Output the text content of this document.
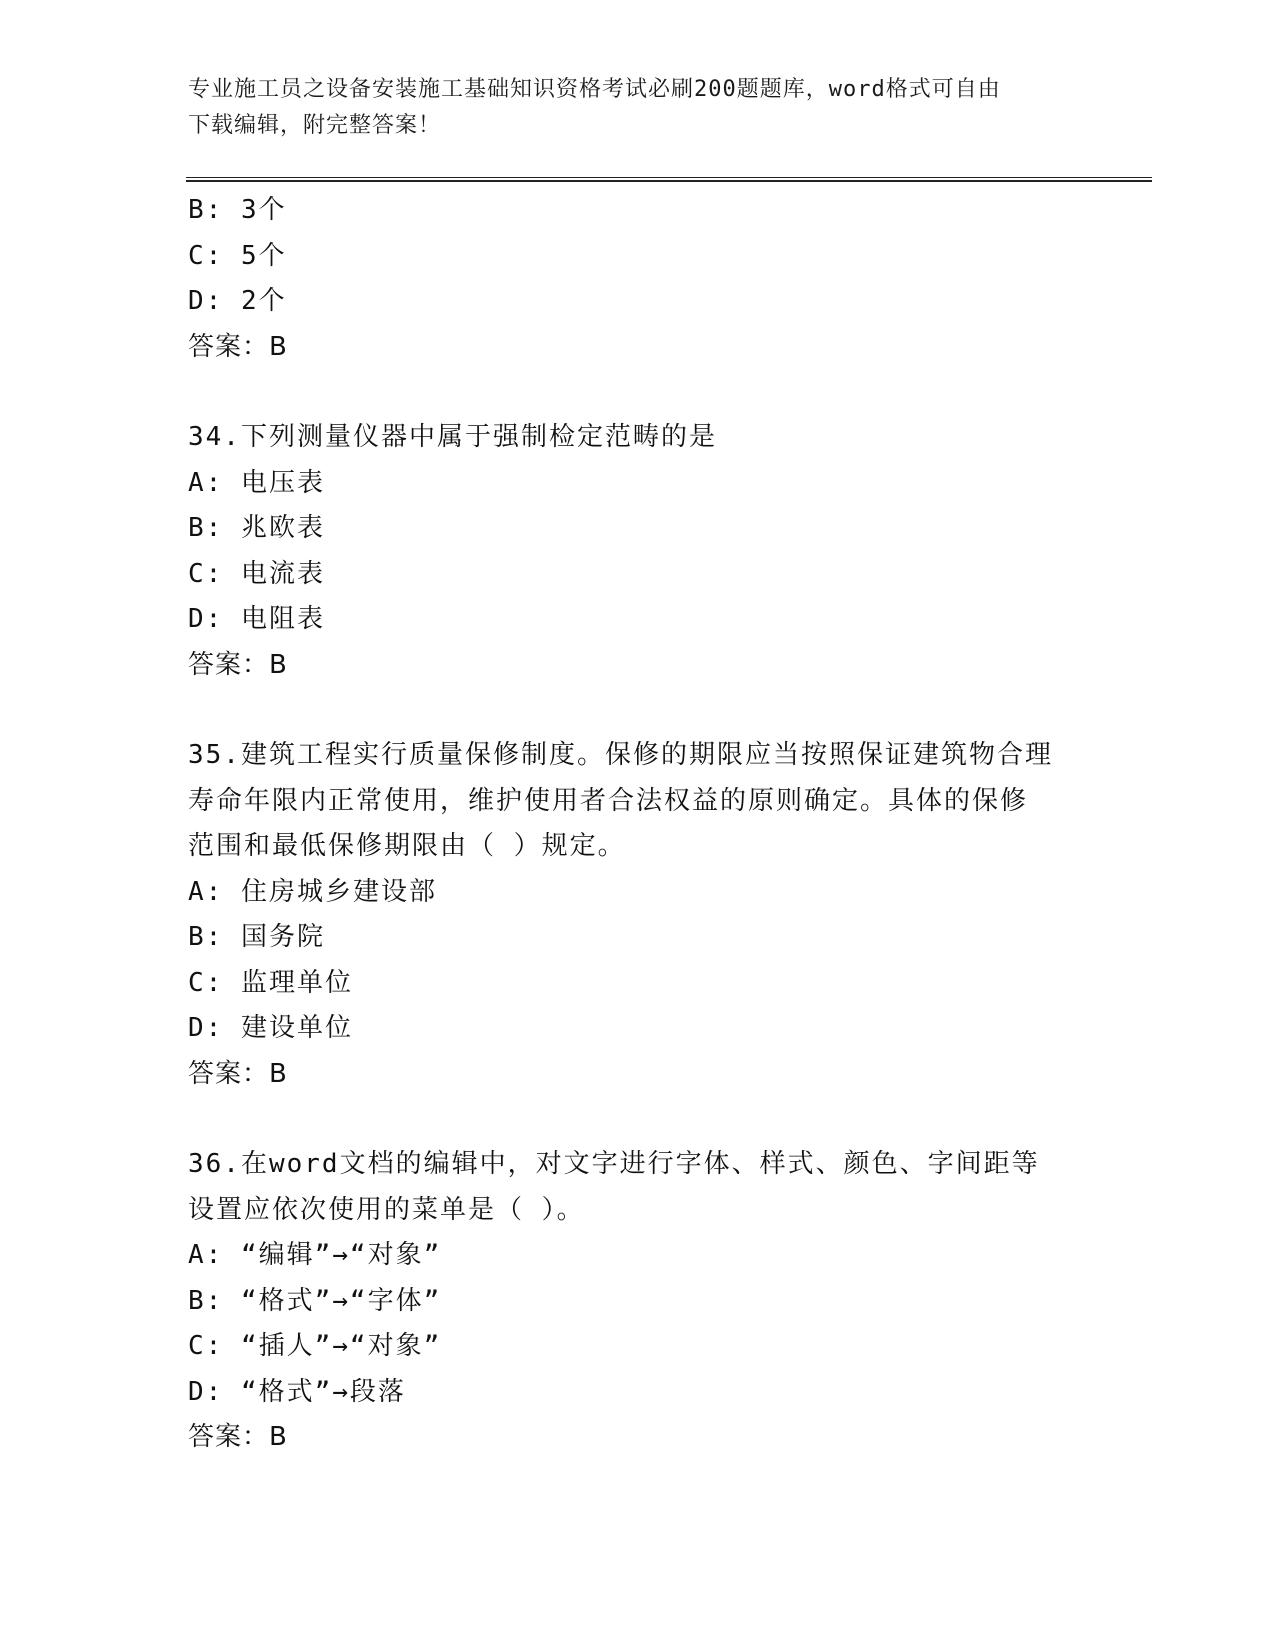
专业施工员之设备安装施工基础知识资格考试必刷200题题库，word格式可自由
下载编辑，附完整答案！
B: 3个
C: 5个
D: 2个
答案：B
34.下列测量仪器中属于强制检定范畴的是
A: 电压表
B: 兆欧表
C: 电流表
D: 电阻表
答案：B
35.建筑工程实行质量保修制度。保修的期限应当按照保证建筑物合理
寿命年限内正常使用，维护使用者合法权益的原则确定。具体的保修
范围和最低保修期限由（ ）规定。
A: 住房城乡建设部
B: 国务院
C: 监理单位
D: 建设单位
答案：B
36.在word文档的编辑中，对文字进行字体、样式、颜色、字间距等
设置应依次使用的菜单是（ ）。
A: “编辑”→“对象”
B: “格式”→“字体”
C: “插人”→“对象”
D: “格式”→段落
答案：B
